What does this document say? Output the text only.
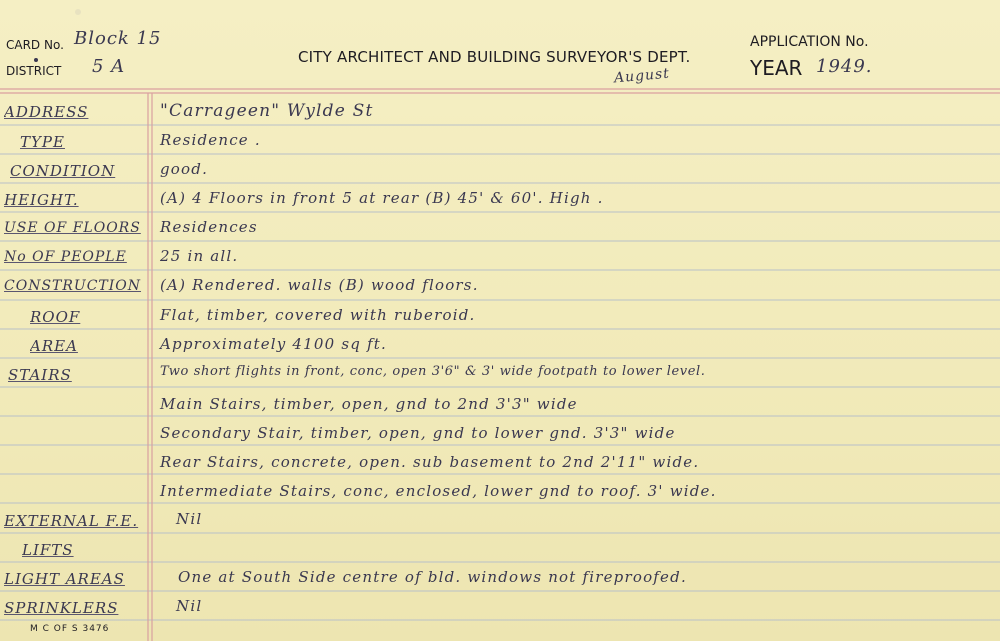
CARD No. Block 15
DISTRICT 5 A	CITY ARCHITECT AND BUILDING SURVEYOR'S DEPT.
August
APPLICATION No.
YEAR 1949.
ADDRESS	"Carrageen" Wylde St
TYPE	Residence .
CONDITION	good.
HEIGHT.	(A) 4 Floors in front 5 at rear (B) 45' & 60'. High .
USE OF FLOORS	Residences
No OF PEOPLE	25 in all.
CONSTRUCTION	(A) Rendered. walls (B) wood floors.
ROOF	Flat, timber, covered with ruberoid.
AREA	Approximately 4100 sq ft.
STAIRS	Two short flights in front, conc, open 3'6" & 3' wide footpath to lower level.
Main Stairs, timber, open, gnd to 2nd 3'3" wide
Secondary Stair, timber, open, gnd to lower gnd. 3'3" wide
Rear Stairs, concrete, open. sub basement to 2nd 2'11" wide.
Intermediate Stairs, conc, enclosed, lower gnd to roof. 3' wide.
EXTERNAL F.E.	Nil
LIFTS
LIGHT AREAS	One at South Side centre of bld. windows not fireproofed.
SPRINKLERS	Nil
M C OF S 3476
